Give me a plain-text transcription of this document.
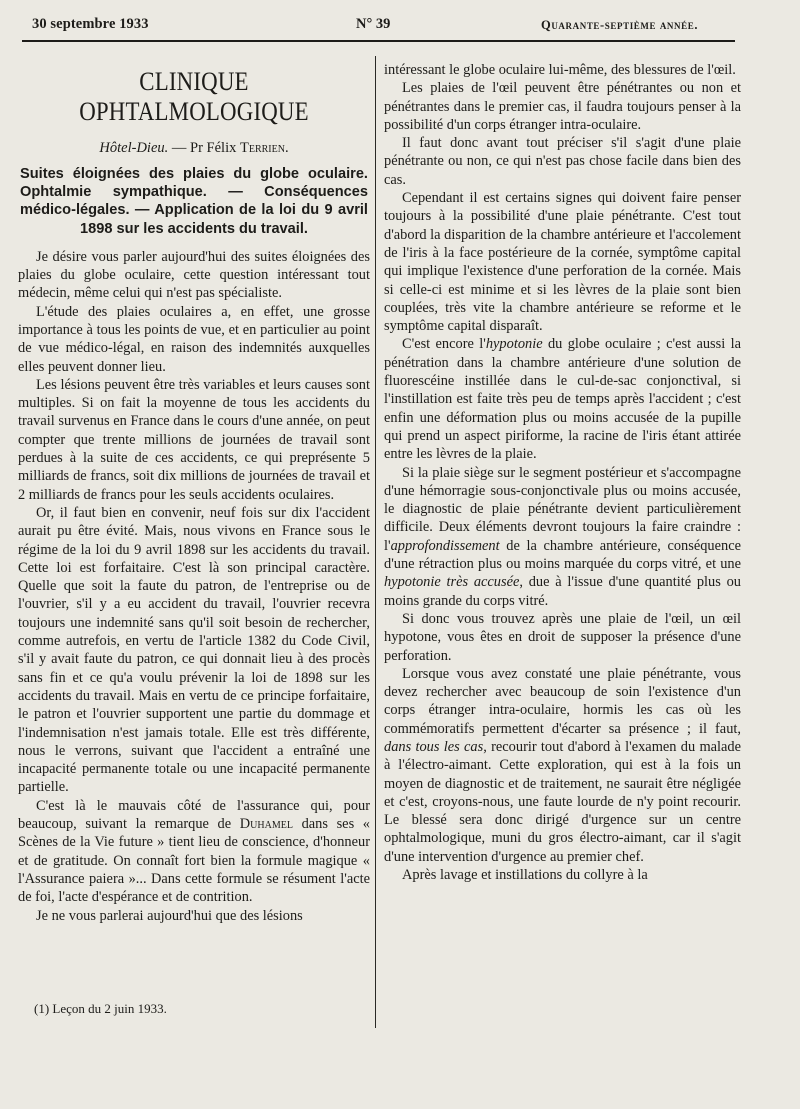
30 septembre 1933	N° 39	Quarante-septième année.
CLINIQUE OPHTALMOLOGIQUE
Hôtel-Dieu. — Pr Félix Terrien.
Suites éloignées des plaies du globe oculaire. Ophtalmie sympathique. — Conséquences médico-légales. — Application de la loi du 9 avril 1898 sur les accidents du travail.

Je désire vous parler aujourd'hui des suites éloignées des plaies du globe oculaire, cette question intéressant tout médecin, même celui qui n'est pas spécialiste.

L'étude des plaies oculaires a, en effet, une grosse importance à tous les points de vue, et en particulier au point de vue médico-légal, en raison des indemnités auxquelles elles peuvent donner lieu.

Les lésions peuvent être très variables et leurs causes sont multiples. Si on fait la moyenne de tous les accidents du travail survenus en France dans le cours d'une année, on peut compter que trente millions de journées de travail sont perdues à la suite de ces accidents, ce qui preprésente 5 milliards de francs, soit dix millions de journées de travail et 2 milliards de francs pour les seuls accidents oculaires.

Or, il faut bien en convenir, neuf fois sur dix l'accident aurait pu être évité. Mais, nous vivons en France sous le régime de la loi du 9 avril 1898 sur les accidents du travail. Cette loi est forfaitaire. C'est là son principal caractère. Quelle que soit la faute du patron, de l'entreprise ou de l'ouvrier, s'il y a eu accident du travail, l'ouvrier recevra toujours une indemnité sans qu'il soit besoin de rechercher, comme autrefois, en vertu de l'article 1382 du Code Civil, s'il y avait faute du patron, ce qui donnait lieu à des procès sans fin et ce qu'a voulu prévenir la loi de 1898 sur les accidents du travail. Mais en vertu de ce principe forfaitaire, le patron et l'ouvrier supportent une partie du dommage et l'indemnisation n'est jamais totale. Elle est très différente, nous le verrons, suivant que l'accident a entraîné une incapacité permanente totale ou une incapacité permanente partielle.

C'est là le mauvais côté de l'assurance qui, pour beaucoup, suivant la remarque de Duhamel dans ses « Scènes de la Vie future » tient lieu de conscience, d'honneur et de gratitude. On connaît fort bien la formule magique « l'Assurance paiera »... Dans cette formule se résument l'acte de foi, l'acte d'espérance et de contrition.

Je ne vous parlerai aujourd'hui que des lésions

(1) Leçon du 2 juin 1933.

intéressant le globe oculaire lui-même, des blessures de l'œil.

Les plaies de l'œil peuvent être pénétrantes ou non et pénétrantes dans le premier cas, il faudra toujours penser à la possibilité d'un corps étranger intra-oculaire.

Il faut donc avant tout préciser s'il s'agit d'une plaie pénétrante ou non, ce qui n'est pas chose facile dans bien des cas.

Cependant il est certains signes qui doivent faire penser toujours à la possibilité d'une plaie pénétrante. C'est tout d'abord la disparition de la chambre antérieure et l'accolement de l'iris à la face postérieure de la cornée, symptôme capital qui implique l'existence d'une perforation de la cornée. Mais si celle-ci est minime et si les lèvres de la plaie sont bien couplées, très vite la chambre antérieure se reforme et le symptôme capital disparaît.

C'est encore l'hypotonie du globe oculaire ; c'est aussi la pénétration dans la chambre antérieure d'une solution de fluorescéine instillée dans le cul-de-sac conjonctival, si l'instillation est faite très peu de temps après l'accident ; c'est enfin une déformation plus ou moins accusée de la pupille qui prend un aspect piriforme, la racine de l'iris étant attirée entre les lèvres de la plaie.

Si la plaie siège sur le segment postérieur et s'accompagne d'une hémorragie sous-conjonctivale plus ou moins accusée, le diagnostic de plaie pénétrante devient particulièrement difficile. Deux éléments devront toujours la faire craindre : l'approfondissement de la chambre antérieure, conséquence d'une rétraction plus ou moins marquée du corps vitré, et une hypotonie très accusée, due à l'issue d'une quantité plus ou moins grande du corps vitré.

Si donc vous trouvez après une plaie de l'œil, un œil hypotone, vous êtes en droit de supposer la présence d'une perforation.

Lorsque vous avez constaté une plaie pénétrante, vous devez rechercher avec beaucoup de soin l'existence d'un corps étranger intra-oculaire, hormis les cas où les commémoratifs permettent d'écarter sa présence ; il faut, dans tous les cas, recourir tout d'abord à l'examen du malade à l'électro-aimant. Cette exploration, qui est à la fois un moyen de diagnostic et de traitement, ne saurait être négligée et c'est, croyons-nous, une faute lourde de n'y point recourir. Le blessé sera donc dirigé d'urgence sur un centre ophtalmologique, muni du gros électro-aimant, car il s'agit d'une intervention d'urgence au premier chef.

Après lavage et instillations du collyre à la
